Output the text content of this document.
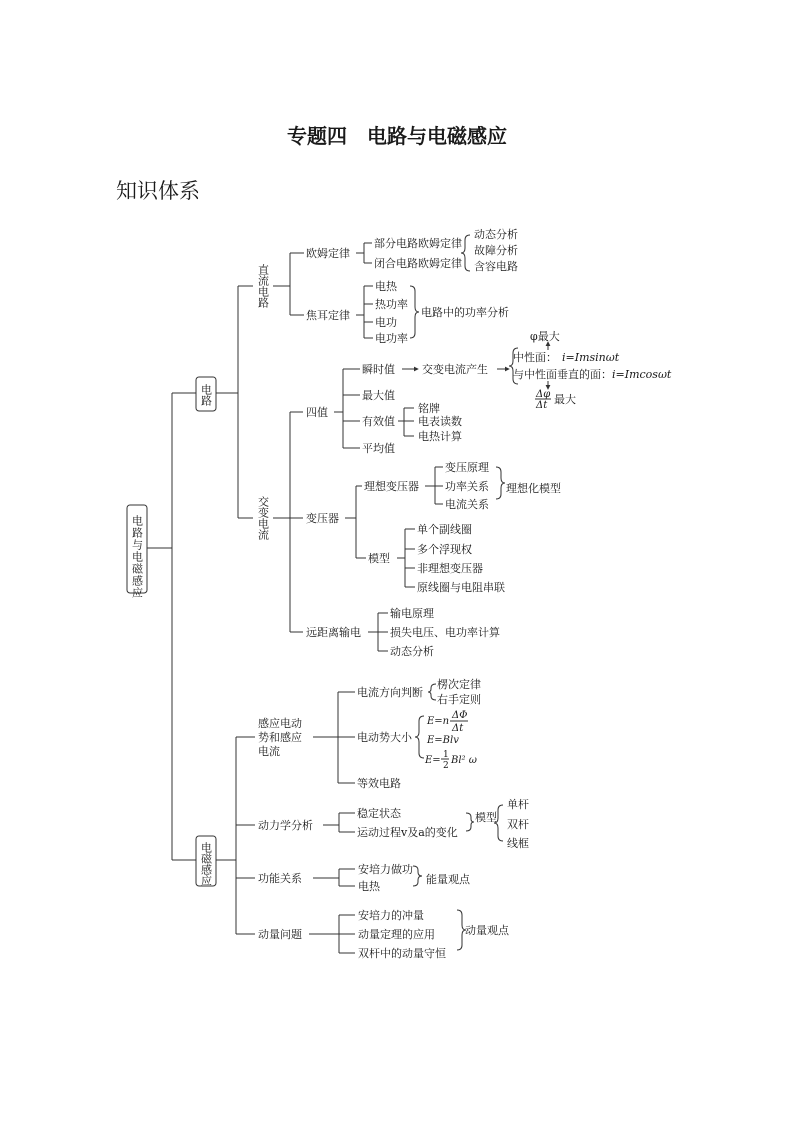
专题四　电路与电磁感应
知识体系
电路与电磁感应
电路
电磁感应
直流电路
交变电流
欧姆定律
部分电路欧姆定律
闭合电路欧姆定律
动态分析
故障分析
含容电路
焦耳定律
电热
热功率
电功
电功率
电路中的功率分析
四值
瞬时值 交变电流产生
φ最大
中性面： i=Imsinωt
与中性面垂直的面： i=Imcosωt
Δφ
Δt 最大
最大值
有效值
铭牌
电表读数
电热计算
平均值
变压器
理想变压器
变压原理
功率关系
电流关系
理想化模型
模型
单个副线圈
多个浮现权
非理想变压器
原线圈与电阻串联
远距离输电
输电原理
损失电压、电功率计算
动态分析
感应电动
势和感应
电流
电流方向判断
楞次定律
右手定则
电动势大小
E=n
ΔΦ
Δt
E=Blv
E= 1
2 Bl² ω
等效电路
动力学分析
稳定状态
运动过程v及a的变化
模型
单杆
双杆
线框
功能关系
安培力做功
电热
能量观点
动量问题
安培力的冲量
动量定理的应用
双杆中的动量守恒
动量观点
